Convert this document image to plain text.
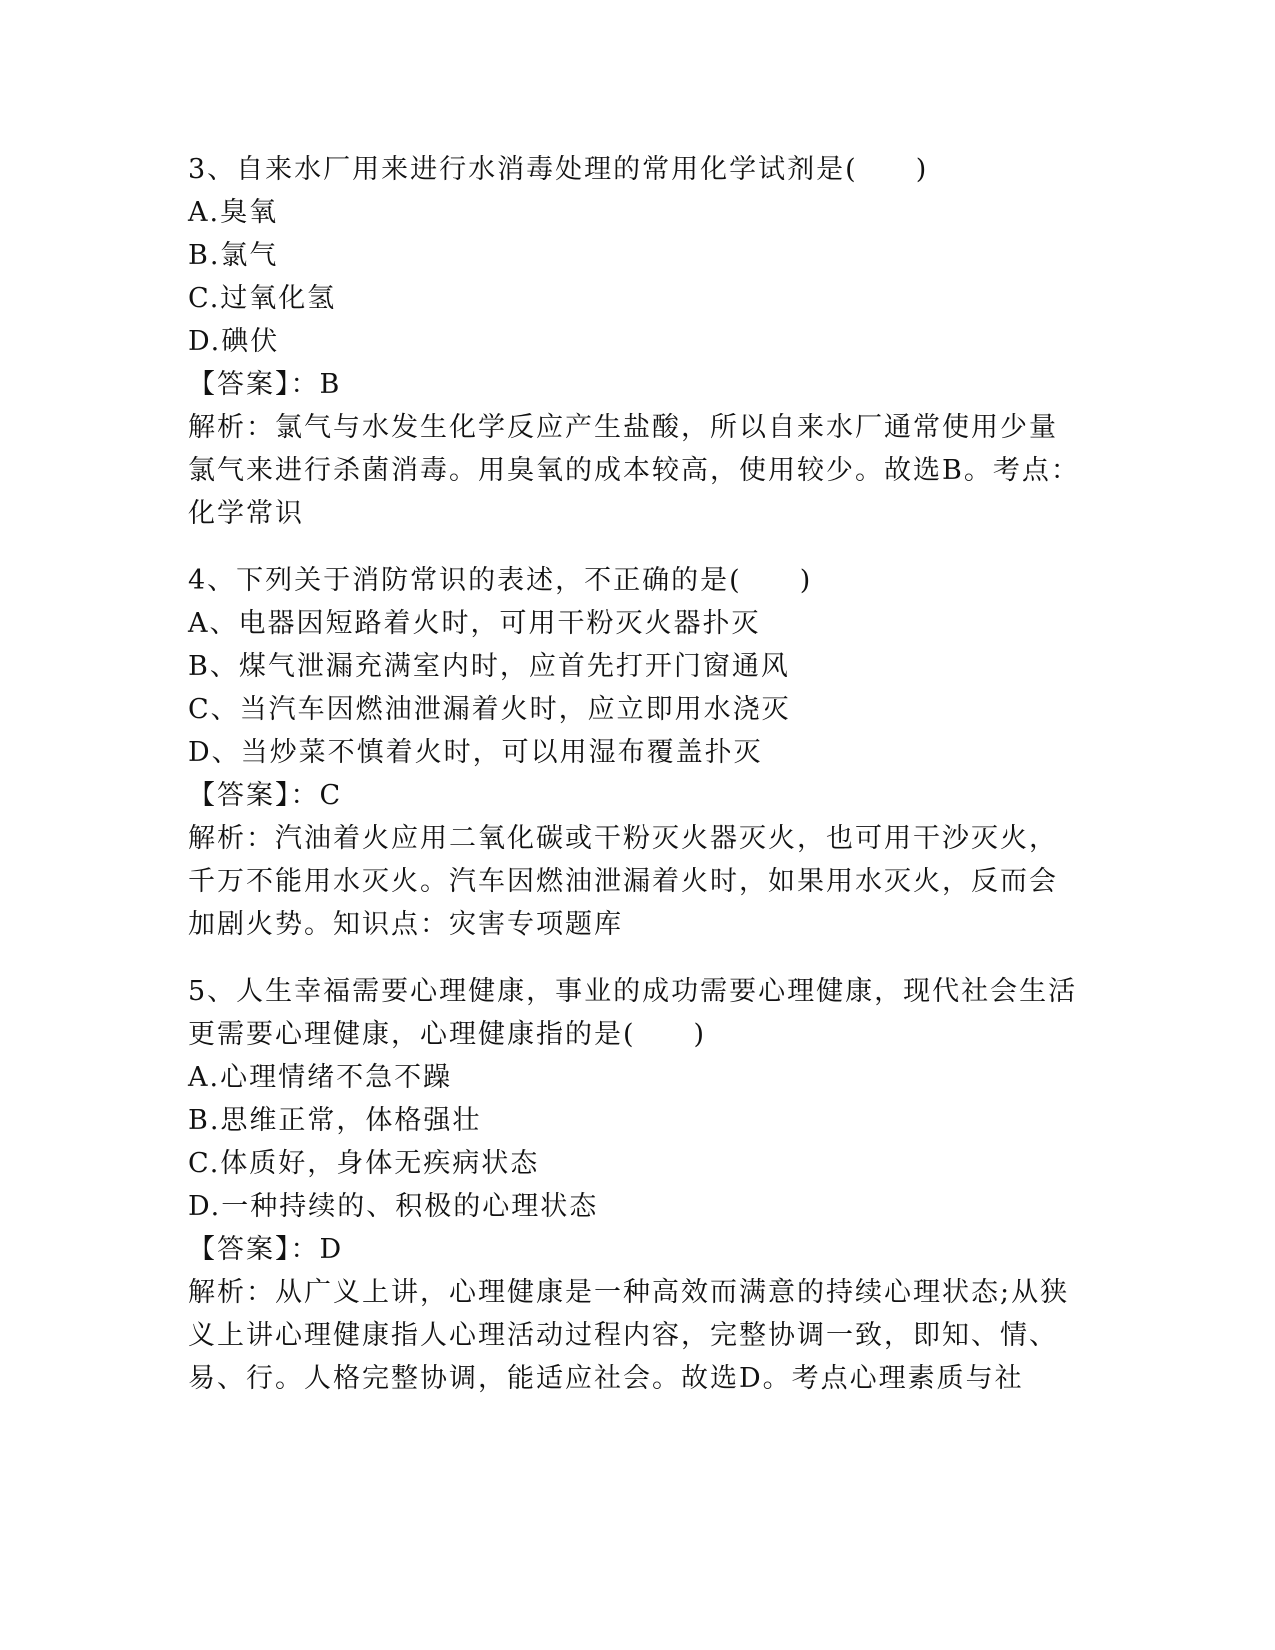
3、自来水厂用来进行水消毒处理的常用化学试剂是(　　)

A.臭氧

B.氯气

C.过氧化氢

D.碘伏

【答案】：B

解析：氯气与水发生化学反应产生盐酸，所以自来水厂通常使用少量

氯气来进行杀菌消毒。用臭氧的成本较高，使用较少。故选B。考点：

化学常识

4、下列关于消防常识的表述，不正确的是(　　)

A、电器因短路着火时，可用干粉灭火器扑灭

B、煤气泄漏充满室内时，应首先打开门窗通风

C、当汽车因燃油泄漏着火时，应立即用水浇灭

D、当炒菜不慎着火时，可以用湿布覆盖扑灭

【答案】：C

解析：汽油着火应用二氧化碳或干粉灭火器灭火，也可用干沙灭火，

千万不能用水灭火。汽车因燃油泄漏着火时，如果用水灭火，反而会

加剧火势。知识点：灾害专项题库

5、人生幸福需要心理健康，事业的成功需要心理健康，现代社会生活

更需要心理健康，心理健康指的是(　　)

A.心理情绪不急不躁

B.思维正常，体格强壮

C.体质好，身体无疾病状态

D.一种持续的、积极的心理状态

【答案】：D

解析：从广义上讲，心理健康是一种高效而满意的持续心理状态;从狭

义上讲心理健康指人心理活动过程内容，完整协调一致，即知、情、

易、行。人格完整协调，能适应社会。故选D。考点心理素质与社
